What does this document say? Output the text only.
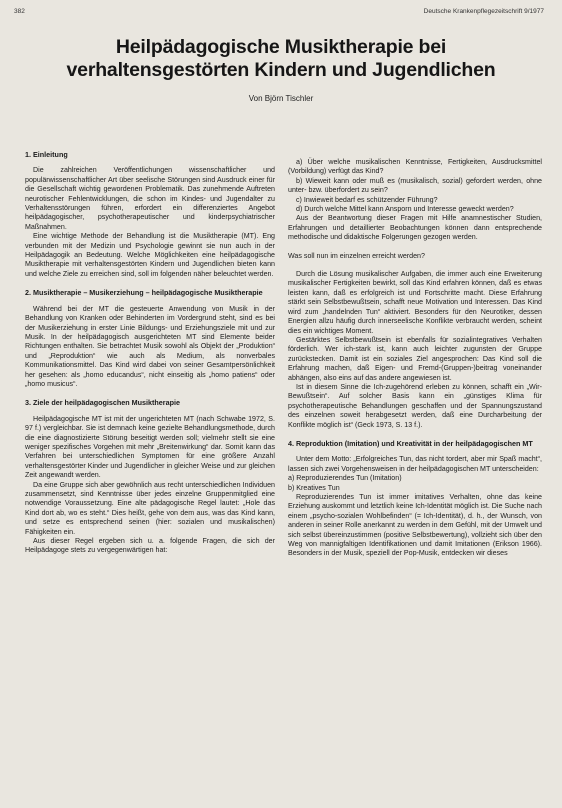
382	Deutsche Krankenpflegezeitschrift 9/1977
Heilpädagogische Musiktherapie bei
verhaltensgestörten Kindern und Jugendlichen
Von Björn Tischler
1. Einleitung

Die zahlreichen Veröffentlichungen wissenschaftlicher und populärwissenschaftlicher Art über seelische Störungen sind Ausdruck einer für die Gesellschaft wichtig gewordenen Problematik. Das zunehmende Auftreten neurotischer Fehlentwicklungen, die schon im Kindes- und Jugendalter zu Verhaltensstörungen führen, erfordert ein differenziertes Angebot heilpädagogischer, psychotherapeutischer und kinderpsychiatrischer Maßnahmen.

Eine wichtige Methode der Behandlung ist die Musiktherapie (MT). Eng verbunden mit der Medizin und Psychologie gewinnt sie nun auch in der Heilpädagogik an Bedeutung. Welche Möglichkeiten eine heilpädagogische Musiktherapie mit verhaltensgestörten Kindern und Jugendlichen bieten kann und welche Ziele zu erreichen sind, soll im folgenden näher beleuchtet werden.

2. Musiktherapie – Musikerziehung – heilpädagogische Musiktherapie

Während bei der MT die gesteuerte Anwendung von Musik in der Behandlung von Kranken oder Behinderten im Vordergrund steht, sind es bei der Musikerziehung in erster Linie Bildungs- und Erziehungsziele mit und zur Musik. In der heilpädagogisch ausgerichteten MT sind Elemente beider Richtungen enthalten. Sie betrachtet Musik sowohl als Objekt der „Produktion“ und „Reproduktion“ wie auch als Medium, als nonverbales Kommunikationsmittel. Das Kind wird dabei von seiner Gesamtpersönlichkeit her gesehen: als „homo educandus“, nicht einseitig als „homo patiens“ oder „homo musicus“.

3. Ziele der heilpädagogischen Musiktherapie

Heilpädagogische MT ist mit der ungerichteten MT (nach Schwabe 1972, S. 97 f.) vergleichbar. Sie ist demnach keine gezielte Behandlungsmethode, durch die eine diagnostizierte Störung beseitigt werden soll; vielmehr stellt sie eine weniger spezifisches Vorgehen mit mehr „Breitenwirkung“ dar. Somit kann das Verfahren bei unterschiedlichen Symptomen für eine größere Anzahl verhaltensgestörter Kinder und Jugendlicher in gleicher Weise und zur gleichen Zeit angewandt werden.

Da eine Gruppe sich aber gewöhnlich aus recht unterschiedlichen Individuen zusammensetzt, sind Kenntnisse über jedes einzelne Gruppenmitglied eine notwendige Voraussetzung. Eine alte pädagogische Regel lautet: „Hole das Kind dort ab, wo es steht.“ Dies heißt, gehe von dem aus, was das Kind kann, und setze es entsprechend seinen (hier: sozialen und musikalischen) Fähigkeiten ein.

Aus dieser Regel ergeben sich u. a. folgende Fragen, die sich der Heilpädagoge stets zu vergegenwärtigen hat:

a) Über welche musikalischen Kenntnisse, Fertigkeiten, Ausdrucksmittel (Vorbildung) verfügt das Kind?

b) Wieweit kann oder muß es (musikalisch, sozial) gefordert werden, ohne unter- bzw. überfordert zu sein?

c) Inwieweit bedarf es schützender Führung?

d) Durch welche Mittel kann Ansporn und Interesse geweckt werden?

Aus der Beantwortung dieser Fragen mit Hilfe anamnestischer Studien, Erfahrungen und detaillierter Beobachtungen können dann entsprechende methodische und didaktische Folgerungen gezogen werden.

Was soll nun im einzelnen erreicht werden?

Durch die Lösung musikalischer Aufgaben, die immer auch eine Erweiterung musikalischer Fertigkeiten bewirkt, soll das Kind erfahren können, daß es etwas leisten kann, daß es erfolgreich ist und Fortschritte macht. Diese Erfahrung stärkt sein Selbstbewußtsein, schafft neue Motivation und Interessen. Das Kind wird zum „handelnden Tun“ aktiviert. Besonders für den Neurotiker, dessen Energien allzu häufig durch innerseelische Konflikte verbraucht werden, scheint dies ein wichtiges Moment.

Gestärktes Selbstbewußtsein ist ebenfalls für sozialintegratives Verhalten förderlich. Wer ich-stark ist, kann auch leichter zugunsten der Gruppe zurückstecken. Damit ist ein soziales Ziel angesprochen: Das Kind soll die Erfahrung machen, daß Eigen- und Fremd-(Gruppen-)beitrag voneinander abhängen, also eins auf das andere angewiesen ist.

Ist in diesem Sinne die Ich-zugehörend erleben zu können, schafft ein „Wir-Bewußtsein“. Auf solcher Basis kann ein „günstiges Klima für psychotherapeutische Behandlungen geschaffen und der Spannungszustand des einzelnen soweit herabgesetzt werden, daß eine Durcharbeitung der Konflikte möglich ist“ (Geck 1973, S. 13 f.).

4. Reproduktion (Imitation) und Kreativität in der heilpädagogischen MT

Unter dem Motto: „Erfolgreiches Tun, das nicht tordert, aber mir Spaß macht“, lassen sich zwei Vorgehensweisen in der heilpädagogischen MT unterscheiden:

a) Reproduzierendes Tun (Imitation)

b) Kreatives Tun

Reproduzierendes Tun ist immer imitatives Verhalten, ohne das keine Erziehung auskommt und letztlich keine Ich-Identität möglich ist. Die Suche nach einem „psycho-sozialen Wohlbefinden“ (= Ich-Identität), d. h., der Wunsch, von anderen in seiner Rolle anerkannt zu werden in dem Gefühl, mit der Umwelt und sich selbst übereinzustimmen (positive Selbstbewertung), vollzieht sich über den Weg von mannigfaltigen Identifikationen und damit Imitationen (Erikson 1966). Besonders in der Musik, speziell der Pop-Musik, entdecken wir dieses
